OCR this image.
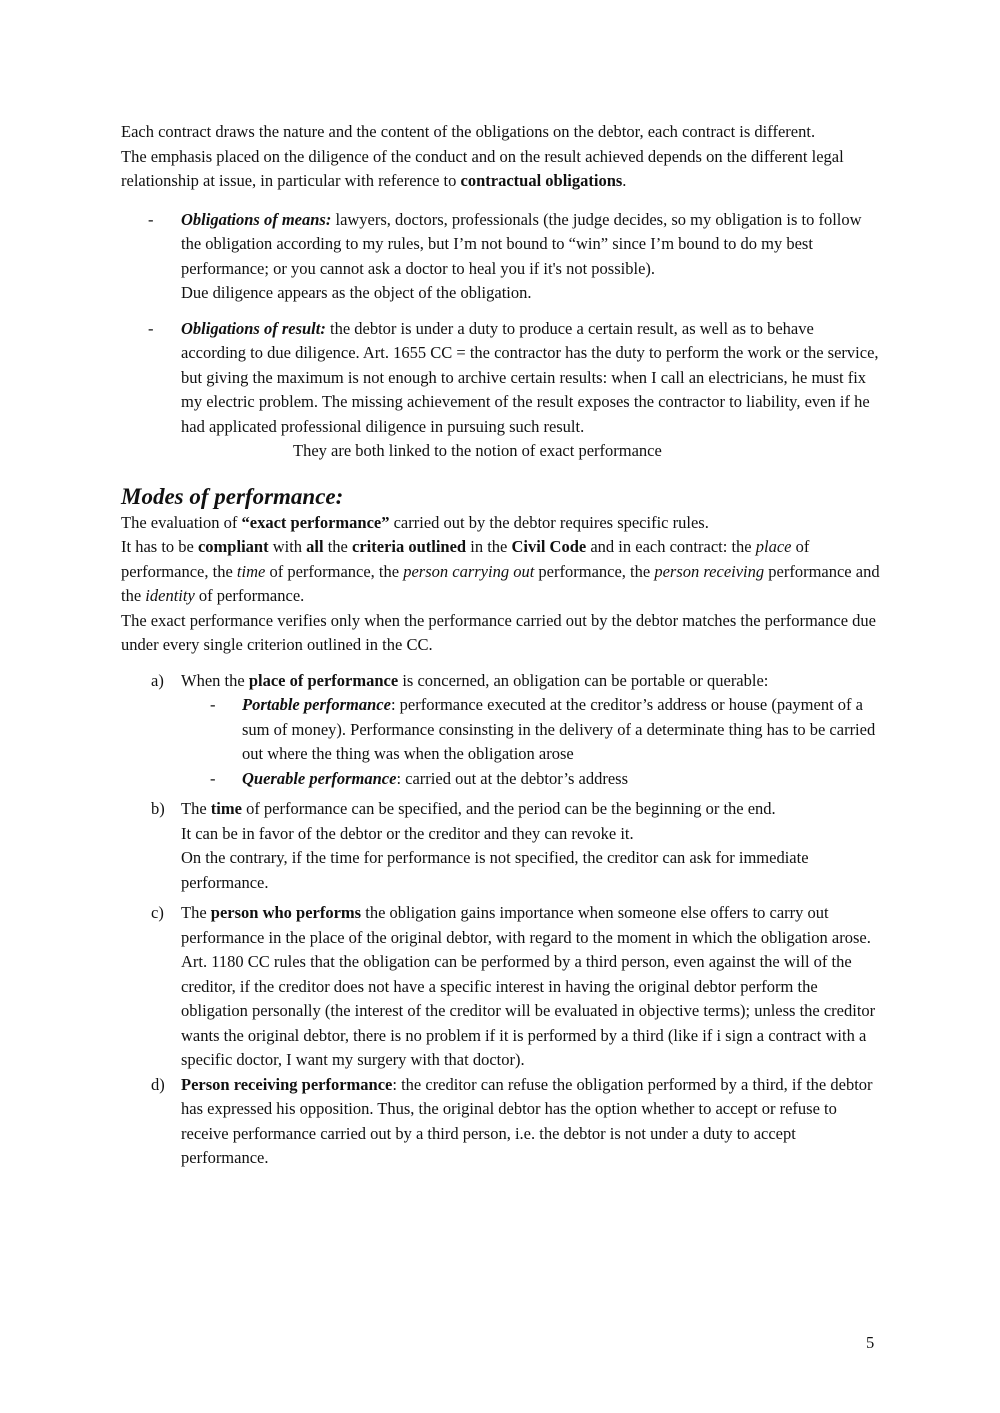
Each contract draws the nature and the content of the obligations on the debtor, each contract is different.

The emphasis placed on the diligence of the conduct and on the result achieved depends on the different legal relationship at issue, in particular with reference to contractual obligations.

- Obligations of means: lawyers, doctors, professionals (the judge decides, so my obligation is to follow the obligation according to my rules, but I’m not bound to “win” since I’m bound to do my best performance; or you cannot ask a doctor to heal you if it's not possible).
Due diligence appears as the object of the obligation.
- Obligations of result: the debtor is under a duty to produce a certain result, as well as to behave according to due diligence. Art. 1655 CC = the contractor has the duty to perform the work or the service, but giving the maximum is not enough to archive certain results: when I call an electricians, he must fix my electric problem. The missing achievement of the result exposes the contractor to liability, even if he had applicated professional diligence in pursuing such result.

They are both linked to the notion of exact performance

Modes of performance:

The evaluation of “exact performance” carried out by the debtor requires specific rules.

It has to be compliant with all the criteria outlined in the Civil Code and in each contract: the place of performance, the time of performance, the person carrying out performance, the person receiving performance and the identity of performance.

The exact performance verifies only when the performance carried out by the debtor matches the performance due under every single criterion outlined in the CC.

a) When the place of performance is concerned, an obligation can be portable or querable:
- Portable performance: performance executed at the creditor’s address or house (payment of a sum of money). Performance consinsting in the delivery of a determinate thing has to be carried out where the thing was when the obligation arose
- Querable performance: carried out at the debtor’s address
b) The time of performance can be specified, and the period can be the beginning or the end.
It can be in favor of the debtor or the creditor and they can revoke it.
On the contrary, if the time for performance is not specified, the creditor can ask for immediate performance.
c) The person who performs the obligation gains importance when someone else offers to carry out performance in the place of the original debtor, with regard to the moment in which the obligation arose.
Art. 1180 CC rules that the obligation can be performed by a third person, even against the will of the creditor, if the creditor does not have a specific interest in having the original debtor perform the obligation personally (the interest of the creditor will be evaluated in objective terms); unless the creditor wants the original debtor, there is no problem if it is performed by a third (like if i sign a contract with a specific doctor, I want my surgery with that doctor).
d) Person receiving performance: the creditor can refuse the obligation performed by a third, if the debtor has expressed his opposition. Thus, the original debtor has the option whether to accept or refuse to receive performance carried out by a third person, i.e. the debtor is not under a duty to accept performance.
5
